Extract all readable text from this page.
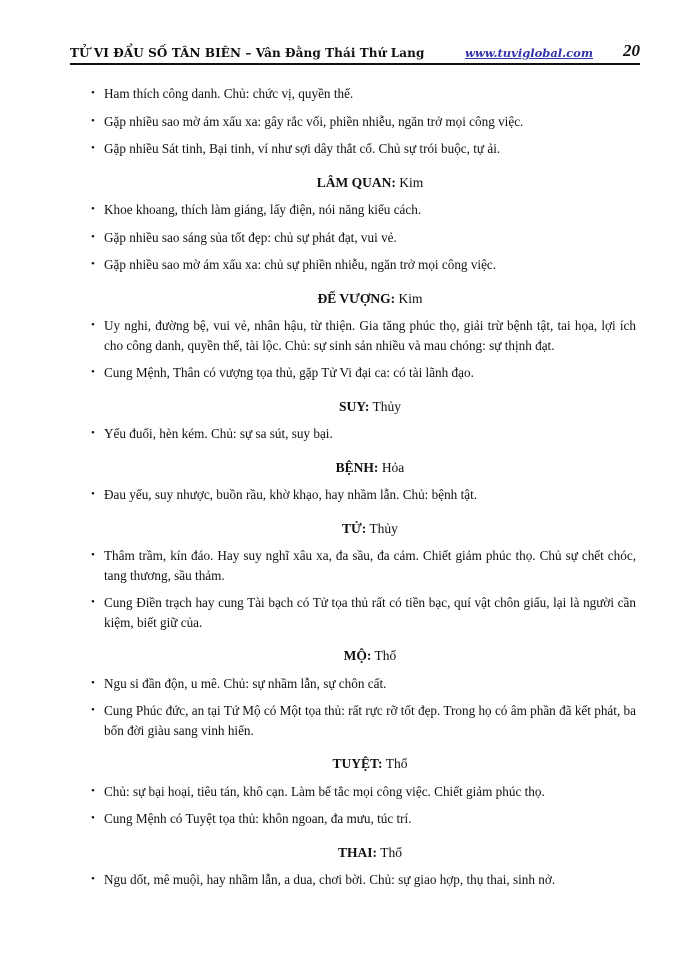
TỬ VI ĐẨU SỐ TÂN BIÊN – Vân Đằng Thái Thứ Lang	www.tuviglobal.com 20
• Ham thích công danh. Chủ: chức vị, quyền thế.
• Gặp nhiều sao mờ ám xấu xa: gây rắc vối, phiền nhiễu, ngăn trở mọi công việc.
• Gặp nhiều Sát tinh, Bại tinh, ví như sợi dây thắt cổ. Chủ sự trói buộc, tự ải.
LÂM QUAN: Kim
• Khoe khoang, thích làm giáng, lấy điện, nói năng kiểu cách.
• Gặp nhiều sao sáng sủa tốt đẹp: chủ sự phát đạt, vui vẻ.
• Gặp nhiều sao mờ ám xấu xa: chủ sự phiền nhiễu, ngăn trở mọi công việc.
ĐẾ VƯỢNG: Kim
• Uy nghi, đường bệ, vui vẻ, nhân hậu, từ thiện. Gia tăng phúc thọ, giải trừ bệnh tật, tai họa, lợi ích cho công danh, quyền thế, tài lộc. Chủ: sự sinh sản nhiều và mau chóng: sự thịnh đạt.
• Cung Mệnh, Thân có vượng tọa thủ, gặp Tử Vi đại ca: có tài lãnh đạo.
SUY: Thủy
• Yếu đuối, hèn kém. Chủ: sự sa sút, suy bại.
BỆNH: Hỏa
• Đau yếu, suy nhược, buồn rầu, khờ khạo, hay nhầm lẫn. Chủ: bệnh tật.
TỬ: Thủy
• Thâm trầm, kín đáo. Hay suy nghĩ xâu xa, đa sầu, đa cảm. Chiết giảm phúc thọ. Chủ sự chết chóc, tang thương, sầu thảm.
• Cung Điền trạch hay cung Tài bạch có Tử tọa thủ rất có tiền bạc, quí vật chôn giấu, lại là người cần kiệm, biết giữ của.
MỘ: Thổ
• Ngu si đần độn, u mê. Chủ: sự nhầm lẫn, sự chôn cất.
• Cung Phúc đức, an tại Tứ Mộ có Một tọa thủ: rất rực rỡ tốt đẹp. Trong họ có âm phần đã kết phát, ba bốn đời giàu sang vinh hiển.
TUYỆT: Thổ
• Chủ: sự bại hoại, tiêu tán, khô cạn. Làm bế tắc mọi công việc. Chiết giảm phúc thọ.
• Cung Mệnh có Tuyệt tọa thủ: khôn ngoan, đa mưu, túc trí.
THAI: Thổ
• Ngu dốt, mê muội, hay nhầm lẫn, a dua, chơi bời. Chủ: sự giao hợp, thụ thai, sinh nở.
